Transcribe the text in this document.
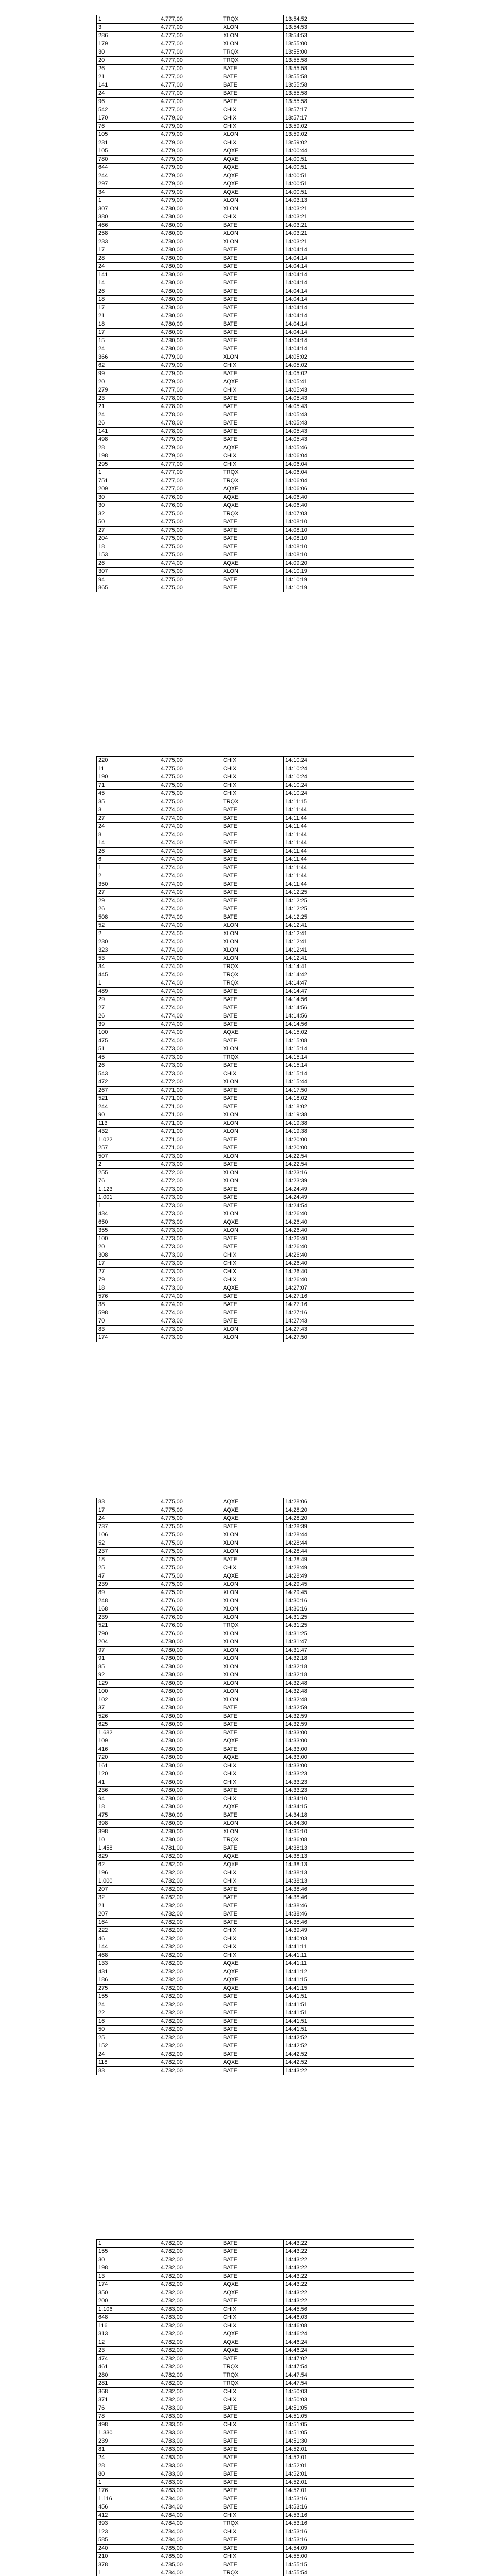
1	4.777,00	TRQX	13:54:52
3	4.777,00	XLON	13:54:53
286	4.777,00	XLON	13:54:53
179	4.777,00	XLON	13:55:00
30	4.777,00	TRQX	13:55:00
20	4.777,00	TRQX	13:55:58
26	4.777,00	BATE	13:55:58
21	4.777,00	BATE	13:55:58
141	4.777,00	BATE	13:55:58
24	4.777,00	BATE	13:55:58
96	4.777,00	BATE	13:55:58
542	4.777,00	CHIX	13:57:17
170	4.779,00	CHIX	13:57:17
76	4.779,00	CHIX	13:59:02
105	4.779,00	XLON	13:59:02
231	4.779,00	CHIX	13:59:02
105	4.779,00	AQXE	14:00:44
780	4.779,00	AQXE	14:00:51
644	4.779,00	AQXE	14:00:51
244	4.779,00	AQXE	14:00:51
297	4.779,00	AQXE	14:00:51
34	4.779,00	AQXE	14:00:51
1	4.779,00	XLON	14:03:13
307	4.780,00	XLON	14:03:21
380	4.780,00	CHIX	14:03:21
466	4.780,00	BATE	14:03:21
258	4.780,00	XLON	14:03:21
233	4.780,00	XLON	14:03:21
17	4.780,00	BATE	14:04:14
28	4.780,00	BATE	14:04:14
24	4.780,00	BATE	14:04:14
141	4.780,00	BATE	14:04:14
14	4.780,00	BATE	14:04:14
26	4.780,00	BATE	14:04:14
18	4.780,00	BATE	14:04:14
17	4.780,00	BATE	14:04:14
21	4.780,00	BATE	14:04:14
18	4.780,00	BATE	14:04:14
17	4.780,00	BATE	14:04:14
15	4.780,00	BATE	14:04:14
24	4.780,00	BATE	14:04:14
366	4.779,00	XLON	14:05:02
62	4.779,00	CHIX	14:05:02
99	4.779,00	BATE	14:05:02
20	4.779,00	AQXE	14:05:41
279	4.777,00	CHIX	14:05:43
23	4.778,00	BATE	14:05:43
21	4.778,00	BATE	14:05:43
24	4.778,00	BATE	14:05:43
26	4.778,00	BATE	14:05:43
141	4.778,00	BATE	14:05:43
498	4.779,00	BATE	14:05:43
28	4.779,00	AQXE	14:05:46
198	4.779,00	CHIX	14:06:04
295	4.777,00	CHIX	14:06:04
1	4.777,00	TRQX	14:06:04
751	4.777,00	TRQX	14:06:04
209	4.777,00	AQXE	14:06:06
30	4.776,00	AQXE	14:06:40
30	4.776,00	AQXE	14:06:40
32	4.775,00	TRQX	14:07:03
50	4.775,00	BATE	14:08:10
27	4.775,00	BATE	14:08:10
204	4.775,00	BATE	14:08:10
18	4.775,00	BATE	14:08:10
153	4.775,00	BATE	14:08:10
26	4.774,00	AQXE	14:09:20
307	4.775,00	XLON	14:10:19
94	4.775,00	BATE	14:10:19
865	4.775,00	BATE	14:10:19
220	4.775,00	CHIX	14:10:24
11	4.775,00	CHIX	14:10:24
190	4.775,00	CHIX	14:10:24
71	4.775,00	CHIX	14:10:24
45	4.775,00	CHIX	14:10:24
35	4.775,00	TRQX	14:11:15
3	4.774,00	BATE	14:11:44
27	4.774,00	BATE	14:11:44
24	4.774,00	BATE	14:11:44
8	4.774,00	BATE	14:11:44
14	4.774,00	BATE	14:11:44
26	4.774,00	BATE	14:11:44
6	4.774,00	BATE	14:11:44
1	4.774,00	BATE	14:11:44
2	4.774,00	BATE	14:11:44
350	4.774,00	BATE	14:11:44
27	4.774,00	BATE	14:12:25
29	4.774,00	BATE	14:12:25
26	4.774,00	BATE	14:12:25
508	4.774,00	BATE	14:12:25
52	4.774,00	XLON	14:12:41
2	4.774,00	XLON	14:12:41
230	4.774,00	XLON	14:12:41
323	4.774,00	XLON	14:12:41
53	4.774,00	XLON	14:12:41
34	4.774,00	TRQX	14:14:41
445	4.774,00	TRQX	14:14:42
1	4.774,00	TRQX	14:14:47
489	4.774,00	BATE	14:14:47
29	4.774,00	BATE	14:14:56
27	4.774,00	BATE	14:14:56
26	4.774,00	BATE	14:14:56
39	4.774,00	BATE	14:14:56
100	4.774,00	AQXE	14:15:02
475	4.774,00	BATE	14:15:08
51	4.773,00	XLON	14:15:14
45	4.773,00	TRQX	14:15:14
26	4.773,00	BATE	14:15:14
543	4.773,00	CHIX	14:15:14
472	4.772,00	XLON	14:15:44
267	4.771,00	BATE	14:17:50
521	4.771,00	BATE	14:18:02
244	4.771,00	BATE	14:18:02
90	4.771,00	XLON	14:19:38
113	4.771,00	XLON	14:19:38
432	4.771,00	XLON	14:19:38
1.022	4.771,00	BATE	14:20:00
257	4.771,00	BATE	14:20:00
507	4.773,00	XLON	14:22:54
2	4.773,00	BATE	14:22:54
255	4.772,00	XLON	14:23:16
76	4.772,00	XLON	14:23:39
1.123	4.773,00	BATE	14:24:49
1.001	4.773,00	BATE	14:24:49
1	4.773,00	BATE	14:24:54
434	4.773,00	XLON	14:26:40
650	4.773,00	AQXE	14:26:40
355	4.773,00	XLON	14:26:40
100	4.773,00	BATE	14:26:40
20	4.773,00	BATE	14:26:40
308	4.773,00	CHIX	14:26:40
17	4.773,00	CHIX	14:26:40
27	4.773,00	CHIX	14:26:40
79	4.773,00	CHIX	14:26:40
18	4.773,00	AQXE	14:27:07
576	4.774,00	BATE	14:27:16
38	4.774,00	BATE	14:27:16
598	4.774,00	BATE	14:27:16
70	4.773,00	BATE	14:27:43
83	4.773,00	XLON	14:27:43
174	4.773,00	XLON	14:27:50
83	4.775,00	AQXE	14:28:06
17	4.775,00	AQXE	14:28:20
24	4.775,00	AQXE	14:28:20
737	4.775,00	BATE	14:28:39
106	4.775,00	XLON	14:28:44
52	4.775,00	XLON	14:28:44
237	4.775,00	XLON	14:28:44
18	4.775,00	BATE	14:28:49
25	4.775,00	CHIX	14:28:49
47	4.775,00	AQXE	14:28:49
239	4.775,00	XLON	14:29:45
89	4.775,00	XLON	14:29:45
248	4.776,00	XLON	14:30:16
168	4.776,00	XLON	14:30:16
239	4.776,00	XLON	14:31:25
521	4.776,00	TRQX	14:31:25
790	4.776,00	XLON	14:31:25
204	4.780,00	XLON	14:31:47
97	4.780,00	XLON	14:31:47
91	4.780,00	XLON	14:32:18
85	4.780,00	XLON	14:32:18
92	4.780,00	XLON	14:32:18
129	4.780,00	XLON	14:32:48
100	4.780,00	XLON	14:32:48
102	4.780,00	XLON	14:32:48
37	4.780,00	BATE	14:32:59
526	4.780,00	BATE	14:32:59
625	4.780,00	BATE	14:32:59
1.682	4.780,00	BATE	14:33:00
109	4.780,00	AQXE	14:33:00
416	4.780,00	BATE	14:33:00
720	4.780,00	AQXE	14:33:00
161	4.780,00	CHIX	14:33:00
120	4.780,00	CHIX	14:33:23
41	4.780,00	CHIX	14:33:23
236	4.780,00	BATE	14:33:23
94	4.780,00	CHIX	14:34:10
18	4.780,00	AQXE	14:34:15
475	4.780,00	BATE	14:34:18
398	4.780,00	XLON	14:34:30
398	4.780,00	XLON	14:35:10
10	4.780,00	TRQX	14:36:08
1.458	4.781,00	BATE	14:38:13
829	4.782,00	AQXE	14:38:13
62	4.782,00	AQXE	14:38:13
196	4.782,00	CHIX	14:38:13
1.000	4.782,00	CHIX	14:38:13
207	4.782,00	BATE	14:38:46
32	4.782,00	BATE	14:38:46
21	4.782,00	BATE	14:38:46
207	4.782,00	BATE	14:38:46
164	4.782,00	BATE	14:38:46
222	4.782,00	CHIX	14:39:49
46	4.782,00	CHIX	14:40:03
144	4.782,00	CHIX	14:41:11
468	4.782,00	CHIX	14:41:11
133	4.782,00	AQXE	14:41:11
431	4.782,00	AQXE	14:41:12
186	4.782,00	AQXE	14:41:15
275	4.782,00	AQXE	14:41:15
155	4.782,00	BATE	14:41:51
24	4.782,00	BATE	14:41:51
22	4.782,00	BATE	14:41:51
16	4.782,00	BATE	14:41:51
50	4.782,00	BATE	14:41:51
25	4.782,00	BATE	14:42:52
152	4.782,00	BATE	14:42:52
24	4.782,00	BATE	14:42:52
118	4.782,00	AQXE	14:42:52
83	4.782,00	BATE	14:43:22
1	4.782,00	BATE	14:43:22
155	4.782,00	BATE	14:43:22
30	4.782,00	BATE	14:43:22
198	4.782,00	BATE	14:43:22
13	4.782,00	BATE	14:43:22
174	4.782,00	AQXE	14:43:22
350	4.782,00	AQXE	14:43:22
200	4.782,00	BATE	14:43:22
1.106	4.783,00	CHIX	14:45:56
648	4.783,00	CHIX	14:46:03
116	4.782,00	CHIX	14:46:08
313	4.782,00	AQXE	14:46:24
12	4.782,00	AQXE	14:46:24
23	4.782,00	AQXE	14:46:24
474	4.782,00	BATE	14:47:02
461	4.782,00	TRQX	14:47:54
280	4.782,00	TRQX	14:47:54
281	4.782,00	TRQX	14:47:54
368	4.782,00	CHIX	14:50:03
371	4.782,00	CHIX	14:50:03
76	4.783,00	BATE	14:51:05
78	4.783,00	BATE	14:51:05
498	4.783,00	CHIX	14:51:05
1.330	4.783,00	BATE	14:51:05
239	4.783,00	BATE	14:51:30
81	4.783,00	BATE	14:52:01
24	4.783,00	BATE	14:52:01
28	4.783,00	BATE	14:52:01
80	4.783,00	BATE	14:52:01
1	4.783,00	BATE	14:52:01
176	4.783,00	BATE	14:52:01
1.116	4.784,00	BATE	14:53:16
456	4.784,00	BATE	14:53:16
412	4.784,00	CHIX	14:53:16
393	4.784,00	TRQX	14:53:16
123	4.784,00	CHIX	14:53:16
585	4.784,00	BATE	14:53:16
240	4.785,00	BATE	14:54:09
210	4.785,00	CHIX	14:55:00
378	4.785,00	BATE	14:55:15
1	4.784,00	TRQX	14:55:54
